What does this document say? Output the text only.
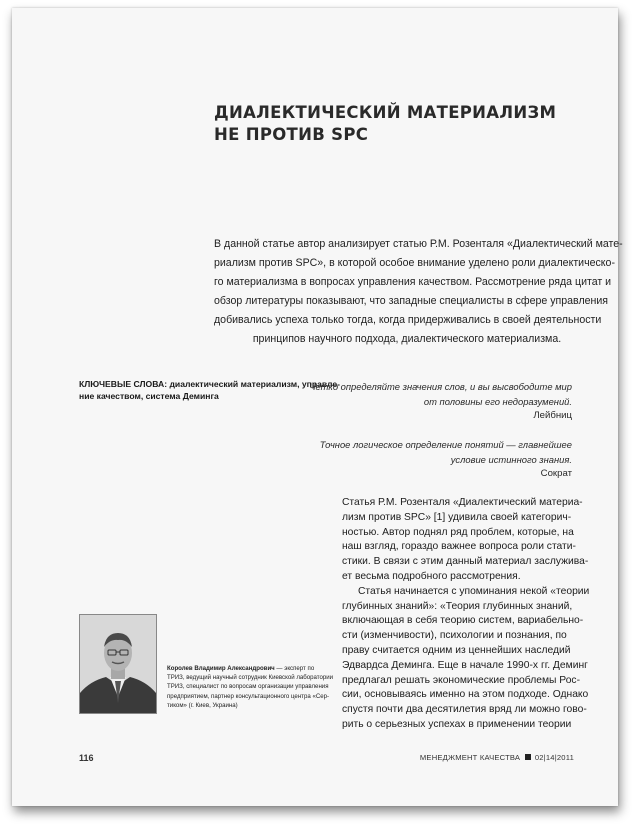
ДИАЛЕКТИЧЕСКИЙ МАТЕРИАЛИЗМ
НЕ ПРОТИВ SPC

В данной статье автор анализирует статью Р.М. Розенталя «Диалектический мате-
риализм против SPC», в которой особое внимание уделено роли диалектическо-
го материализма в вопросах управления качеством. Рассмотрение ряда цитат и
обзор литературы показывают, что западные специалисты в сфере управления
добивались успеха только тогда, когда придерживались в своей деятельности
принципов научного подхода, диалектического материализма.

КЛЮЧЕВЫЕ СЛОВА: диалектический материализм, управле-
ние качеством, система Деминга

Четко определяйте значения слов, и вы высвободите мир
от половины его недоразумений.
Лейбниц
Точное логическое определение понятий — главнейшее
условие истинного знания.
Сократ

Статья Р.М. Розенталя «Диалектический материа-
лизм против SPC» [1] удивила своей категорич-
ностью. Автор поднял ряд проблем, которые, на
наш взгляд, гораздо важнее вопроса роли стати-
стики. В связи с этим данный материал заслужива-
ет весьма подробного рассмотрения.
Статья начинается с упоминания некой «теории
глубинных знаний»: «Теория глубинных знаний,
включающая в себя теорию систем, вариабельно-
сти (изменчивости), психологии и познания, по
праву считается одним из ценнейших наследий
Эдвардса Деминга. Еще в начале 1990-х гг. Деминг
предлагал решать экономические проблемы Рос-
сии, основываясь именно на этом подходе. Однако
спустя почти два десятилетия вряд ли можно гово-
рить о серьезных успехах в применении теории

Королев Владимир Александрович — эксперт по
ТРИЗ, ведущий научный сотрудник Киевской лаборатории
ТРИЗ, специалист по вопросам организации управления
предприятием, партнер консультационного центра «Сер-
тиком» (г. Киев, Украина)

116	МЕНЕДЖМЕНТ КАЧЕСТВА 02|14|2011
